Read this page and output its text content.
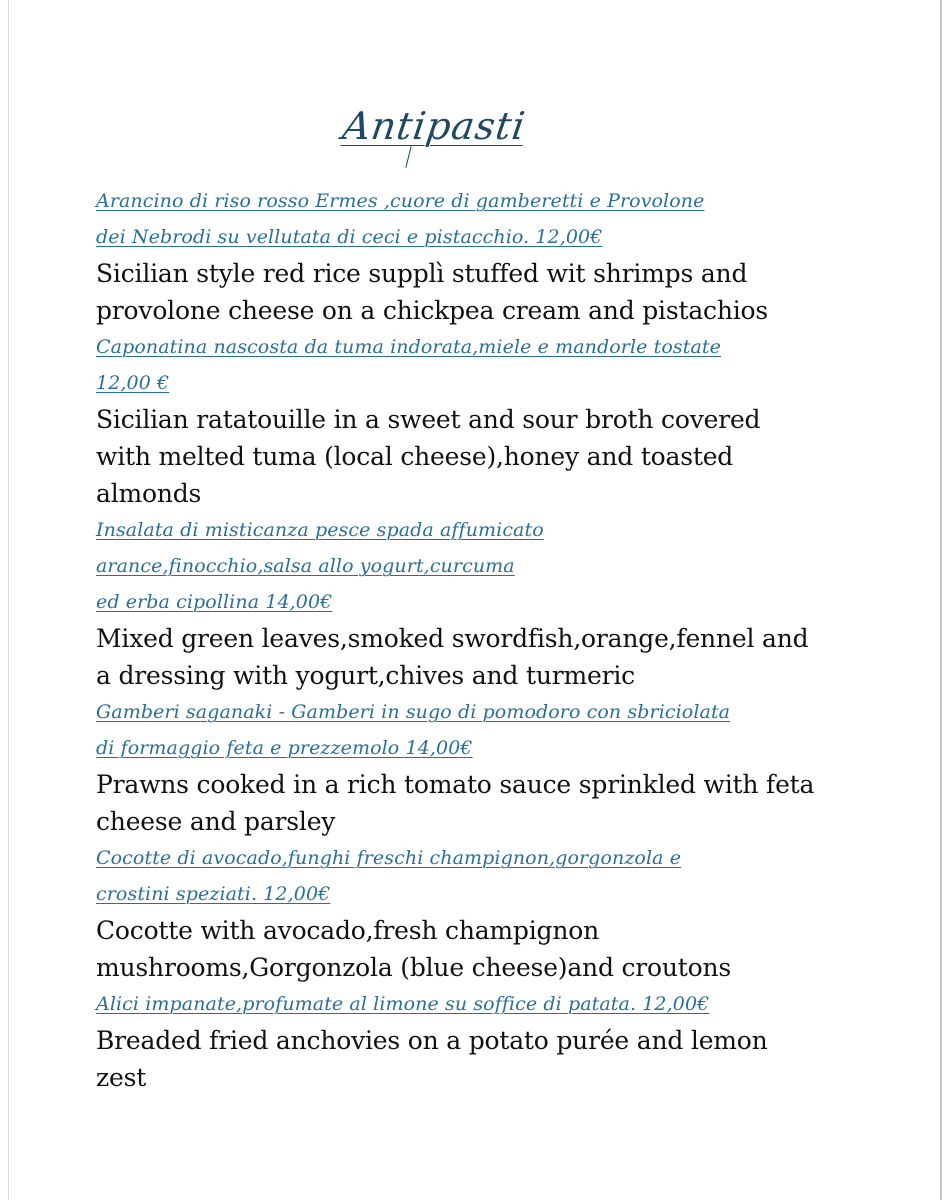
Antipasti
Arancino di riso rosso Ermes ,cuore di gamberetti e Provolone
dei Nebrodi su vellutata di ceci e pistacchio. 12,00€
Sicilian style red rice supplì stuffed wit shrimps and
provolone cheese on a chickpea cream and pistachios
Caponatina nascosta da tuma indorata,miele e mandorle tostate
12,00 €
Sicilian ratatouille in a sweet and sour broth covered
with melted tuma (local cheese),honey and toasted
almonds
Insalata di misticanza pesce spada affumicato
arance,finocchio,salsa allo yogurt,curcuma
ed erba cipollina 14,00€
Mixed green leaves,smoked swordfish,orange,fennel and
a dressing with yogurt,chives and turmeric
Gamberi saganaki - Gamberi in sugo di pomodoro con sbriciolata
di formaggio feta e prezzemolo 14,00€
Prawns cooked in a rich tomato sauce sprinkled with feta
cheese and parsley
Cocotte di avocado,funghi freschi champignon,gorgonzola e
crostini speziati. 12,00€
Cocotte with avocado,fresh champignon
mushrooms,Gorgonzola (blue cheese)and croutons
Alici impanate,profumate al limone su soffice di patata. 12,00€
Breaded fried anchovies on a potato purée and lemon
zest
